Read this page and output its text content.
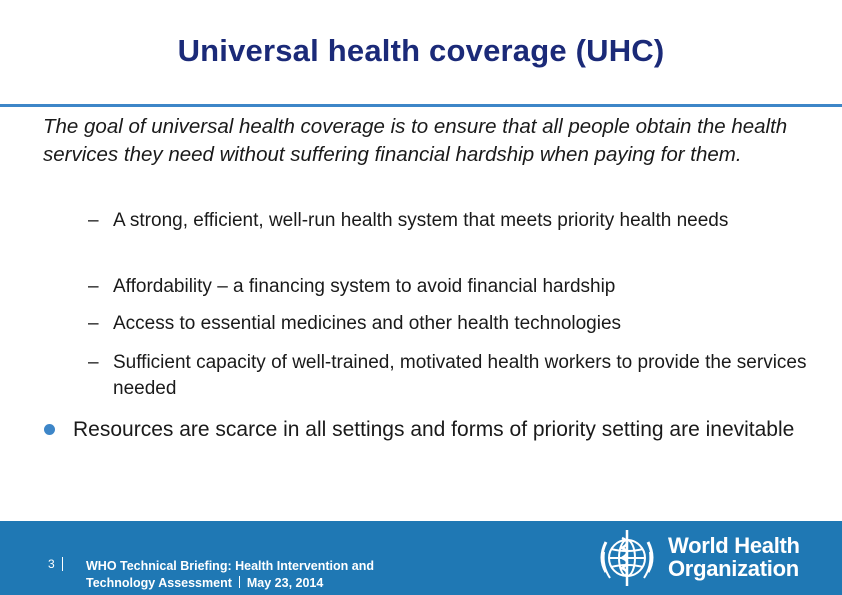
Universal health coverage (UHC)
The goal of universal health coverage is to ensure that all people obtain the health services they need without suffering financial hardship when paying for them.
– A strong, efficient, well-run health system that meets priority health needs
– Affordability – a financing system to avoid financial hardship
– Access to essential medicines and other health technologies
– Sufficient capacity of well-trained, motivated health workers to provide the services needed
Resources are scarce in all settings and forms of priority setting are inevitable
3	WHO Technical Briefing: Health Intervention and
Technology Assessment May 23, 2014
World Health
Organization
